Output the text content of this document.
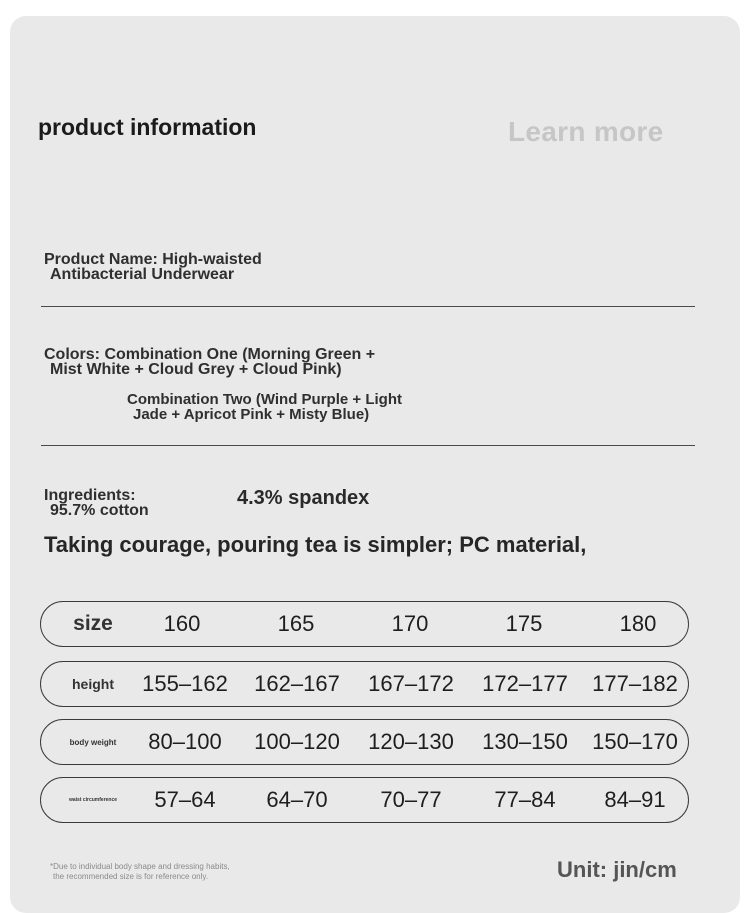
product information	Learn more
Product Name: High-waisted
Antibacterial Underwear
Colors: Combination One (Morning Green +
Mist White + Cloud Grey + Cloud Pink)
Combination Two (Wind Purple + Light
Jade + Apricot Pink + Misty Blue)
Ingredients:
95.7% cotton
4.3% spandex
Taking courage, pouring tea is simpler; PC material,
size	160	165	170	175	180
height	155–162	162–167	167–172	172–177	177–182
body weight	80–100	100–120	120–130	130–150	150–170
waist circumference	57–64	64–70	70–77	77–84	84–91
*Due to individual body shape and dressing habits,
the recommended size is for reference only.	Unit: jin/cm
